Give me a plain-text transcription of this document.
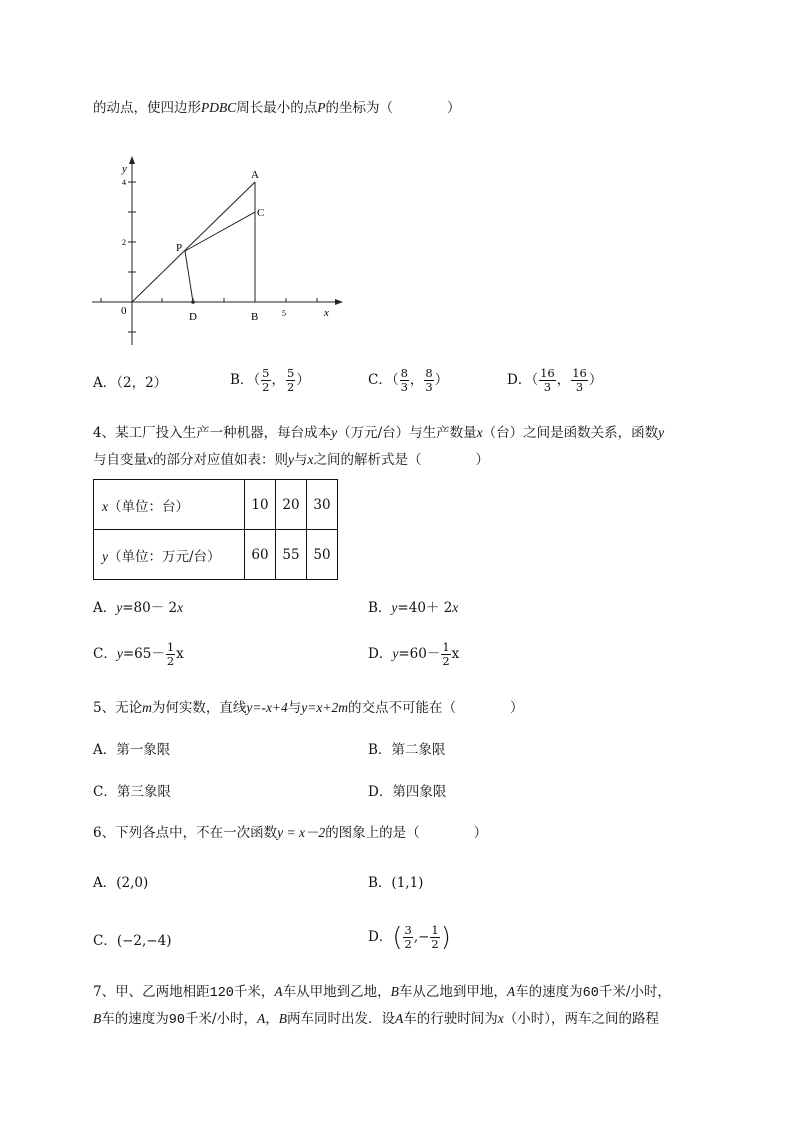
的动点，使四边形PDBC周长最小的点P的坐标为（　　　　）
y
x
0
4
2
5
A
B
C
D
P
A．（2，2）	B．（ $\frac{5}{2}$ ， $\frac{5}{2}$ ）	C．（ $\frac{8}{3}$ ， $\frac{8}{3}$ ）	D．（ $\frac{16}{3}$ ， $\frac{16}{3}$ ）
4、某工厂投入生产一种机器，每台成本y（万元/台）与生产数量x（台）之间是函数关系，函数y
与自变量x的部分对应值如表：则y与x之间的解析式是（　　　　）
x（单位：台）	10	20	30
y（单位：万元/台）	60	55	50
A．y=80－ 2x	B．y=40＋ 2x
C．$y=65- \frac{1}{2}$ x	D．$y=60- \frac{1}{2}$ x
5、无论m为何实数，直线y=-x+4与y=x+2m的交点不可能在（　　　　）
A．第一象限	B．第二象限
C．第三象限	D．第四象限
6、下列各点中，不在一次函数y = x－2的图象上的是（　　　　）
A．(2,0)	B．(1,1)
C．(−2,−4)	D．( $\frac{3}{2}$ ,− $\frac{1}{2}$ )
7、甲、乙两地相距120千米，A车从甲地到乙地，B车从乙地到甲地，A车的速度为60千米/小时，
B车的速度为90千米/小时，A，B两车同时出发．设A车的行驶时间为x（小时），两车之间的路程
